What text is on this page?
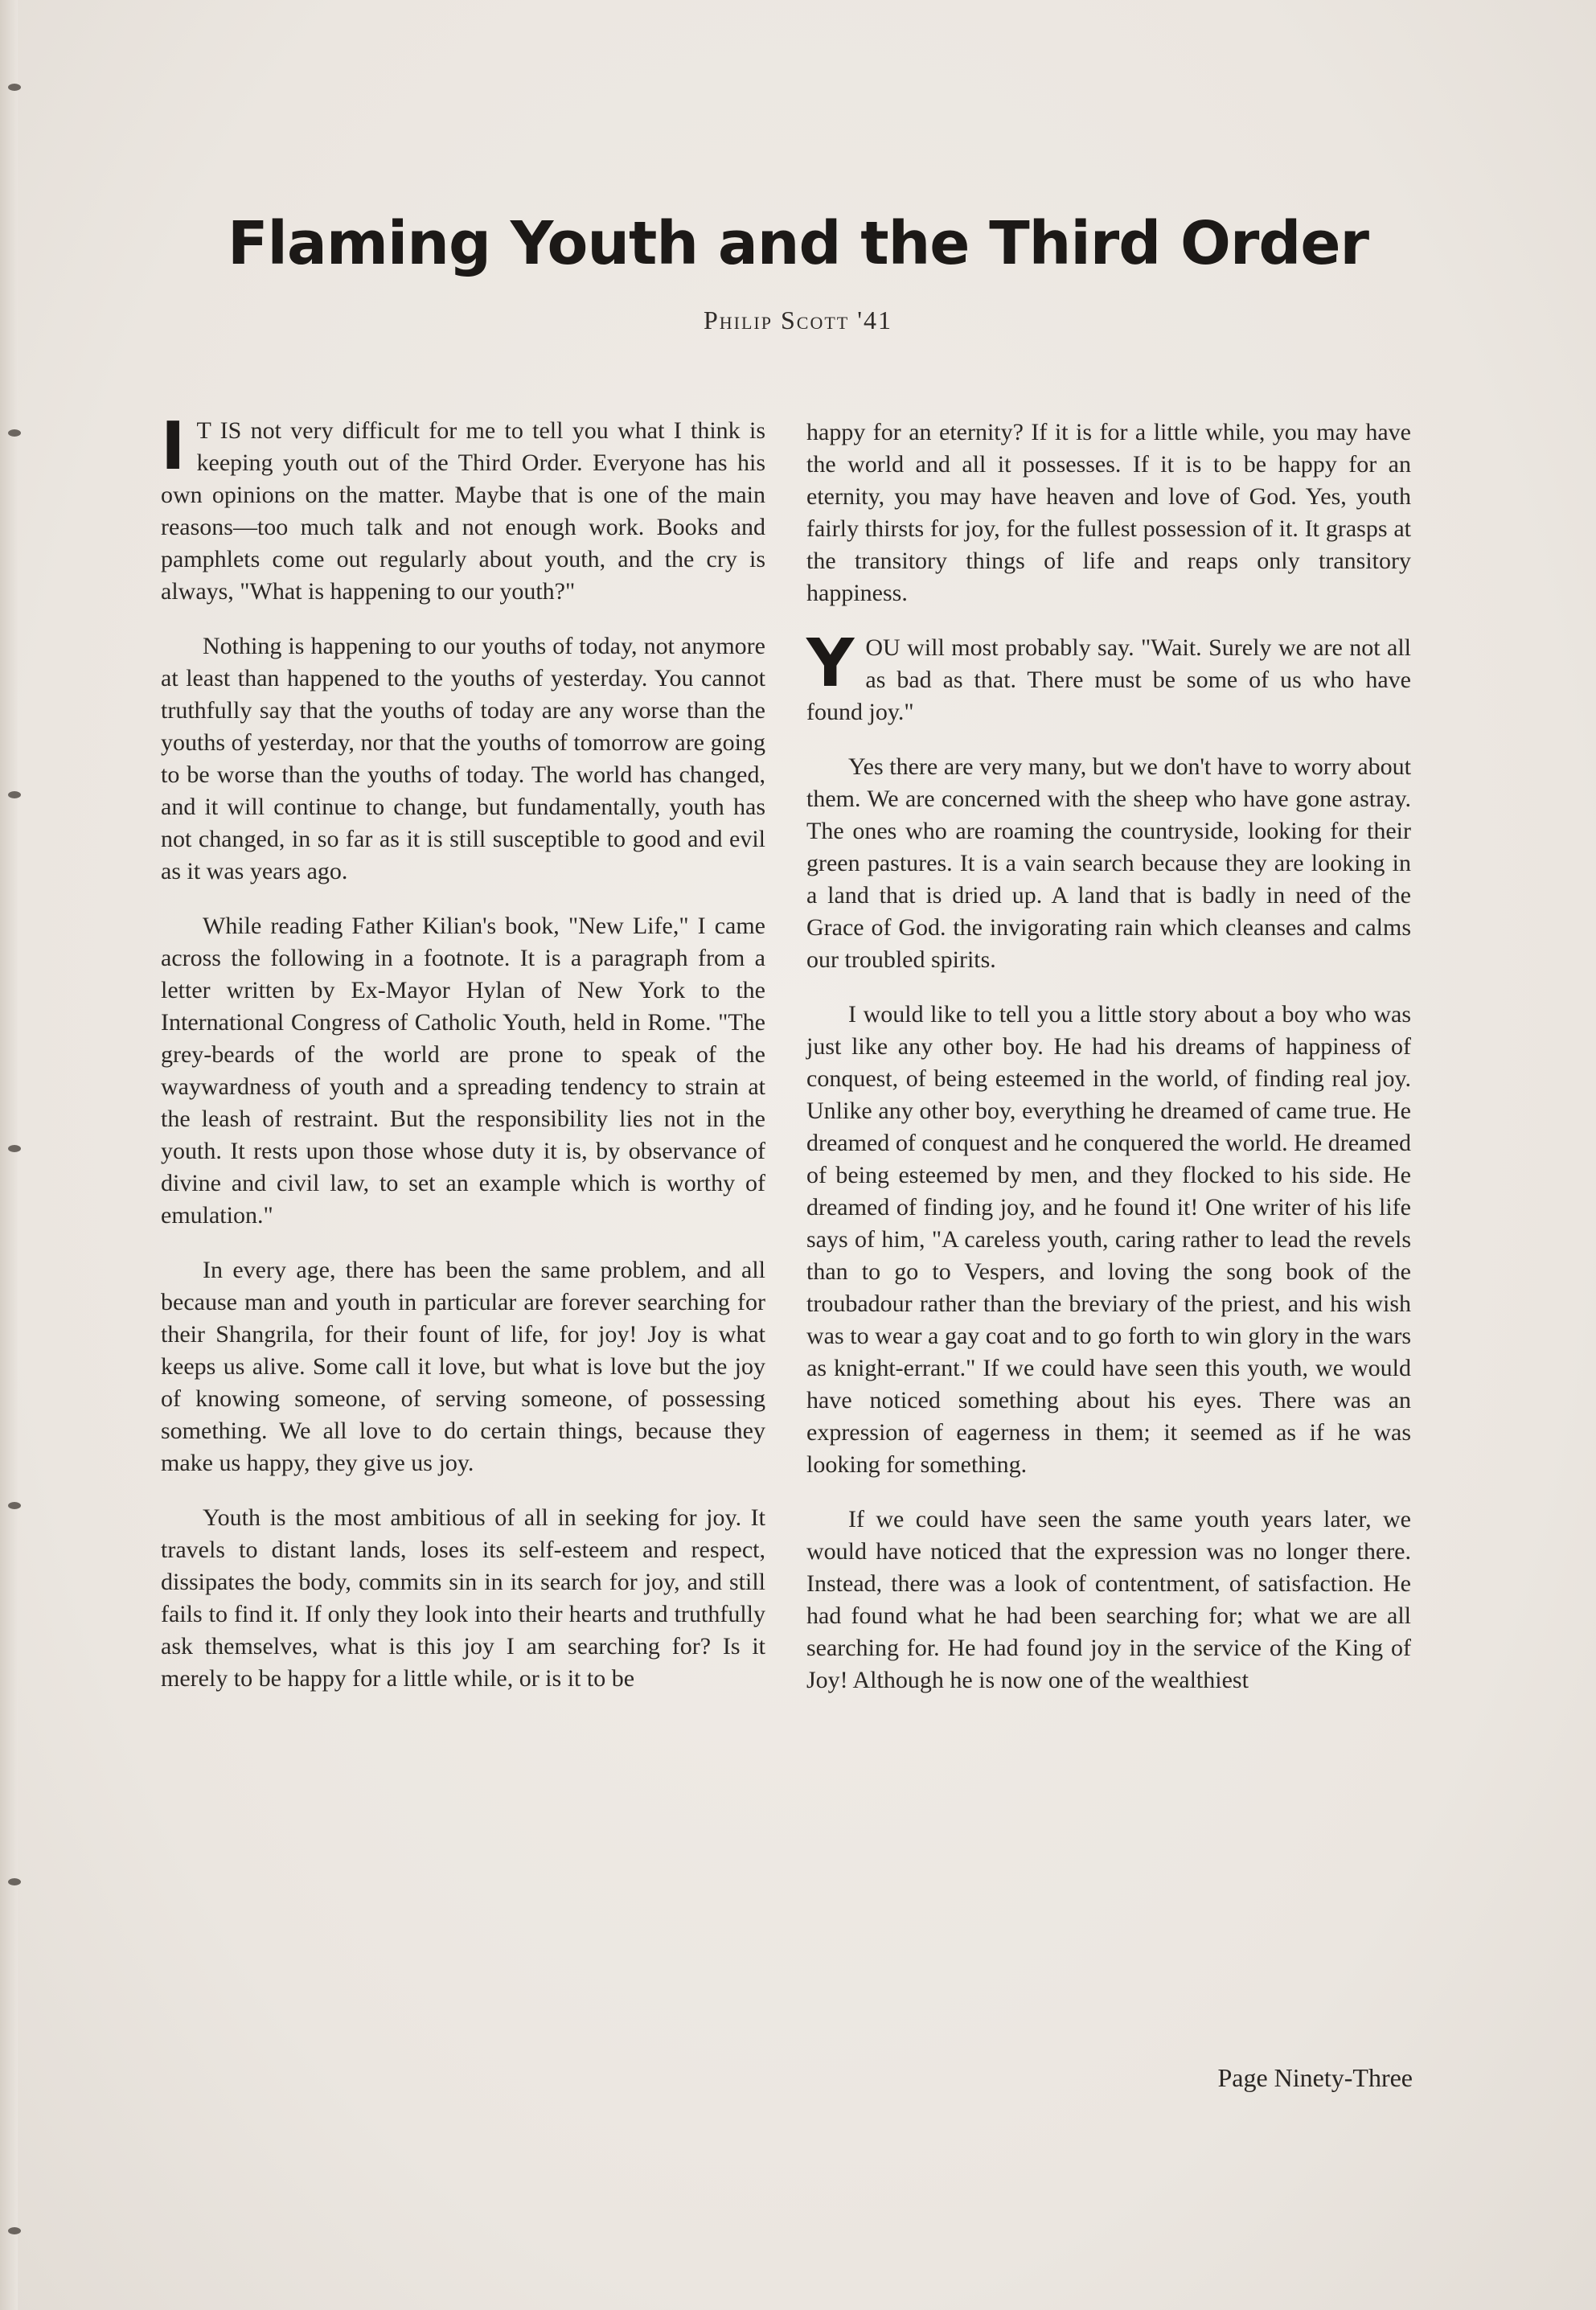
Flaming Youth and the Third Order
Philip Scott '41

I T IS not very difficult for me to tell you what I think is keeping youth out of the Third Order. Everyone has his own opinions on the matter. Maybe that is one of the main reasons—too much talk and not enough work. Books and pamphlets come out regularly about youth, and the cry is always, "What is happening to our youth?"

Nothing is happening to our youths of today, not anymore at least than happened to the youths of yesterday. You cannot truthfully say that the youths of today are any worse than the youths of yesterday, nor that the youths of tomorrow are going to be worse than the youths of today. The world has changed, and it will continue to change, but fundamentally, youth has not changed, in so far as it is still susceptible to good and evil as it was years ago.

While reading Father Kilian's book, "New Life," I came across the following in a footnote. It is a paragraph from a letter written by Ex-Mayor Hylan of New York to the International Congress of Catholic Youth, held in Rome. "The grey-beards of the world are prone to speak of the waywardness of youth and a spreading tendency to strain at the leash of restraint. But the responsibility lies not in the youth. It rests upon those whose duty it is, by observance of divine and civil law, to set an example which is worthy of emulation."

In every age, there has been the same problem, and all because man and youth in particular are forever searching for their Shangrila, for their fount of life, for joy! Joy is what keeps us alive. Some call it love, but what is love but the joy of knowing someone, of serving someone, of possessing something. We all love to do certain things, because they make us happy, they give us joy.

Youth is the most ambitious of all in seeking for joy. It travels to distant lands, loses its self-esteem and respect, dissipates the body, commits sin in its search for joy, and still fails to find it. If only they look into their hearts and truthfully ask themselves, what is this joy I am searching for? Is it merely to be happy for a little while, or is it to be

happy for an eternity? If it is for a little while, you may have the world and all it possesses. If it is to be happy for an eternity, you may have heaven and love of God. Yes, youth fairly thirsts for joy, for the fullest possession of it. It grasps at the transitory things of life and reaps only transitory happiness.

YOU will most probably say. "Wait. Surely we are not all as bad as that. There must be some of us who have found joy."

Yes there are very many, but we don't have to worry about them. We are concerned with the sheep who have gone astray. The ones who are roaming the countryside, looking for their green pastures. It is a vain search because they are looking in a land that is dried up. A land that is badly in need of the Grace of God. the invigorating rain which cleanses and calms our troubled spirits.

I would like to tell you a little story about a boy who was just like any other boy. He had his dreams of happiness of conquest, of being esteemed in the world, of finding real joy. Unlike any other boy, everything he dreamed of came true. He dreamed of conquest and he conquered the world. He dreamed of being esteemed by men, and they flocked to his side. He dreamed of finding joy, and he found it! One writer of his life says of him, "A careless youth, caring rather to lead the revels than to go to Vespers, and loving the song book of the troubadour rather than the breviary of the priest, and his wish was to wear a gay coat and to go forth to win glory in the wars as knight-errant." If we could have seen this youth, we would have noticed something about his eyes. There was an expression of eagerness in them; it seemed as if he was looking for something.

If we could have seen the same youth years later, we would have noticed that the expression was no longer there. Instead, there was a look of contentment, of satisfaction. He had found what he had been searching for; what we are all searching for. He had found joy in the service of the King of Joy! Although he is now one of the wealthiest

Page Ninety-Three
